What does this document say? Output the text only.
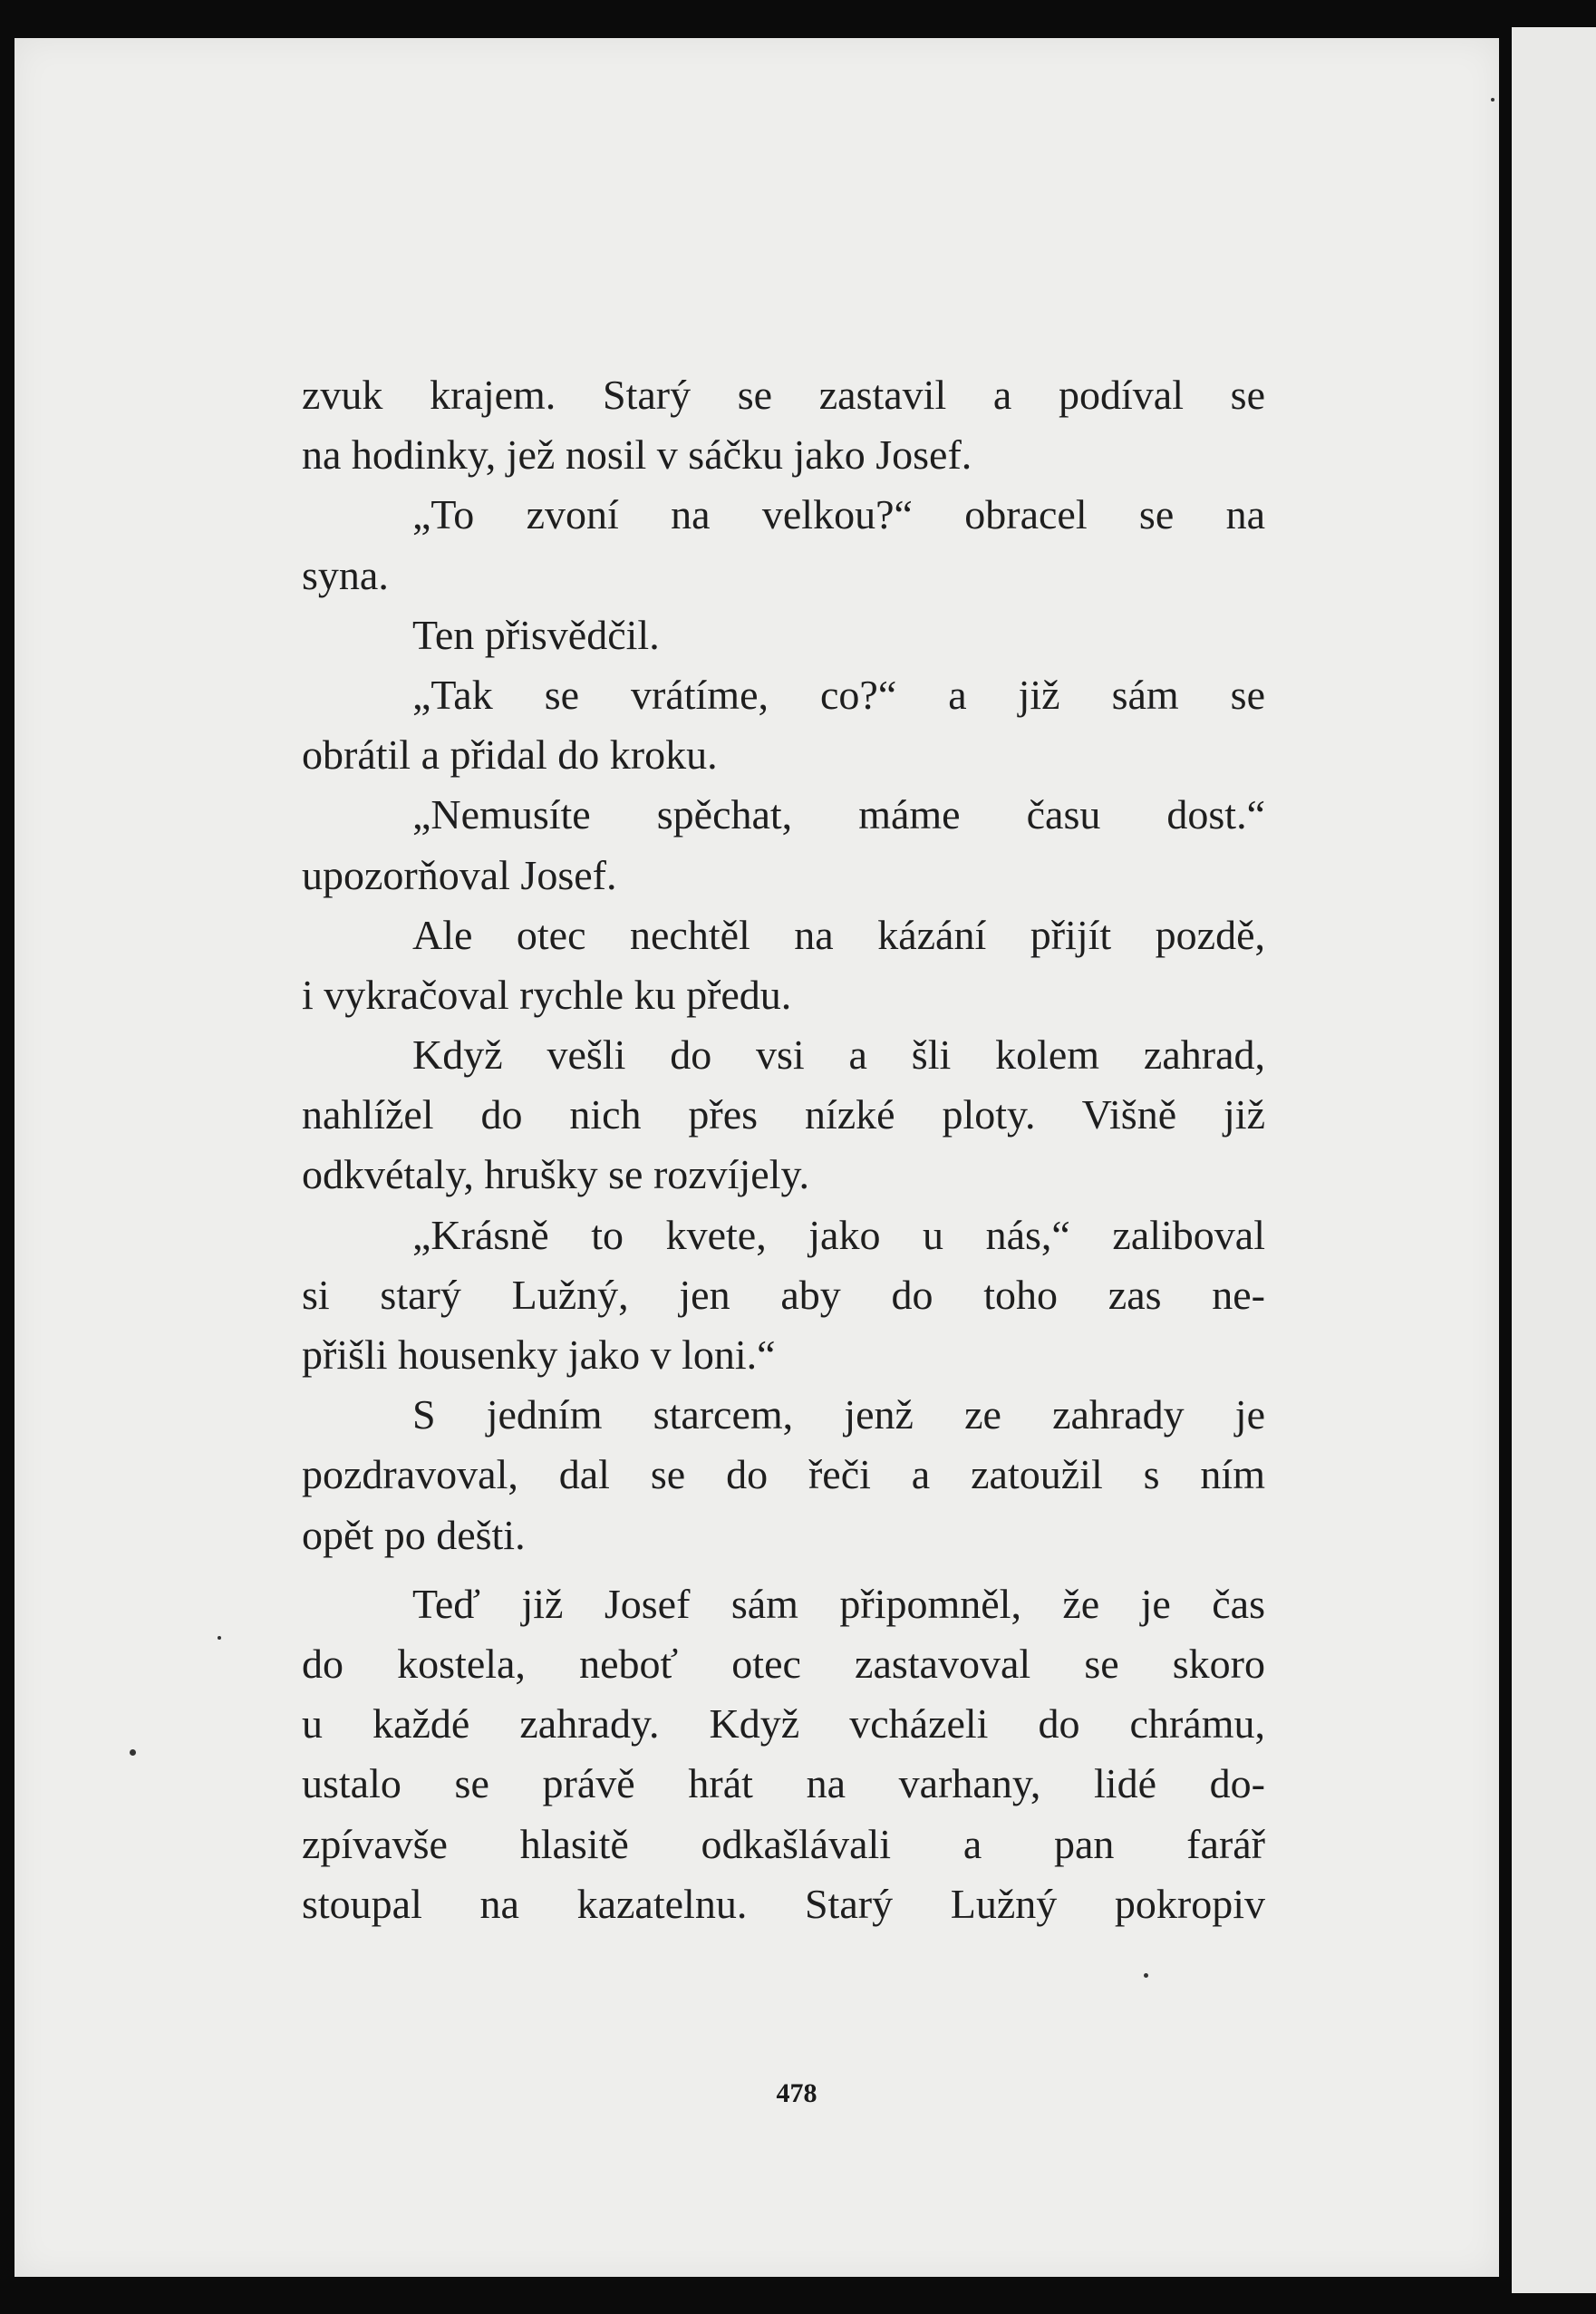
zvuk krajem. Starý se zastavil a podíval se
na hodinky, jež nosil v sáčku jako Josef.
„To zvoní na velkou?“ obracel se na
syna.
Ten přisvědčil.
„Tak se vrátíme, co?“ a již sám se
obrátil a přidal do kroku.
„Nemusíte spěchat, máme času dost.“
upozorňoval Josef.
Ale otec nechtěl na kázání přijít pozdě,
i vykračoval rychle ku předu.
Když vešli do vsi a šli kolem zahrad,
nahlížel do nich přes nízké ploty. Višně již
odkvétaly, hrušky se rozvíjely.
„Krásně to kvete, jako u nás,“ zaliboval
si starý Lužný, jen aby do toho zas ne-
přišli housenky jako v loni.“
S jedním starcem, jenž ze zahrady je
pozdravoval, dal se do řeči a zatoužil s ním
opět po dešti.
Teď již Josef sám připomněl, že je čas
do kostela, neboť otec zastavoval se skoro
u každé zahrady. Když vcházeli do chrámu,
ustalo se právě hrát na varhany, lidé do-
zpívavše hlasitě odkašlávali a pan farář
stoupal na kazatelnu. Starý Lužný pokropiv
478
